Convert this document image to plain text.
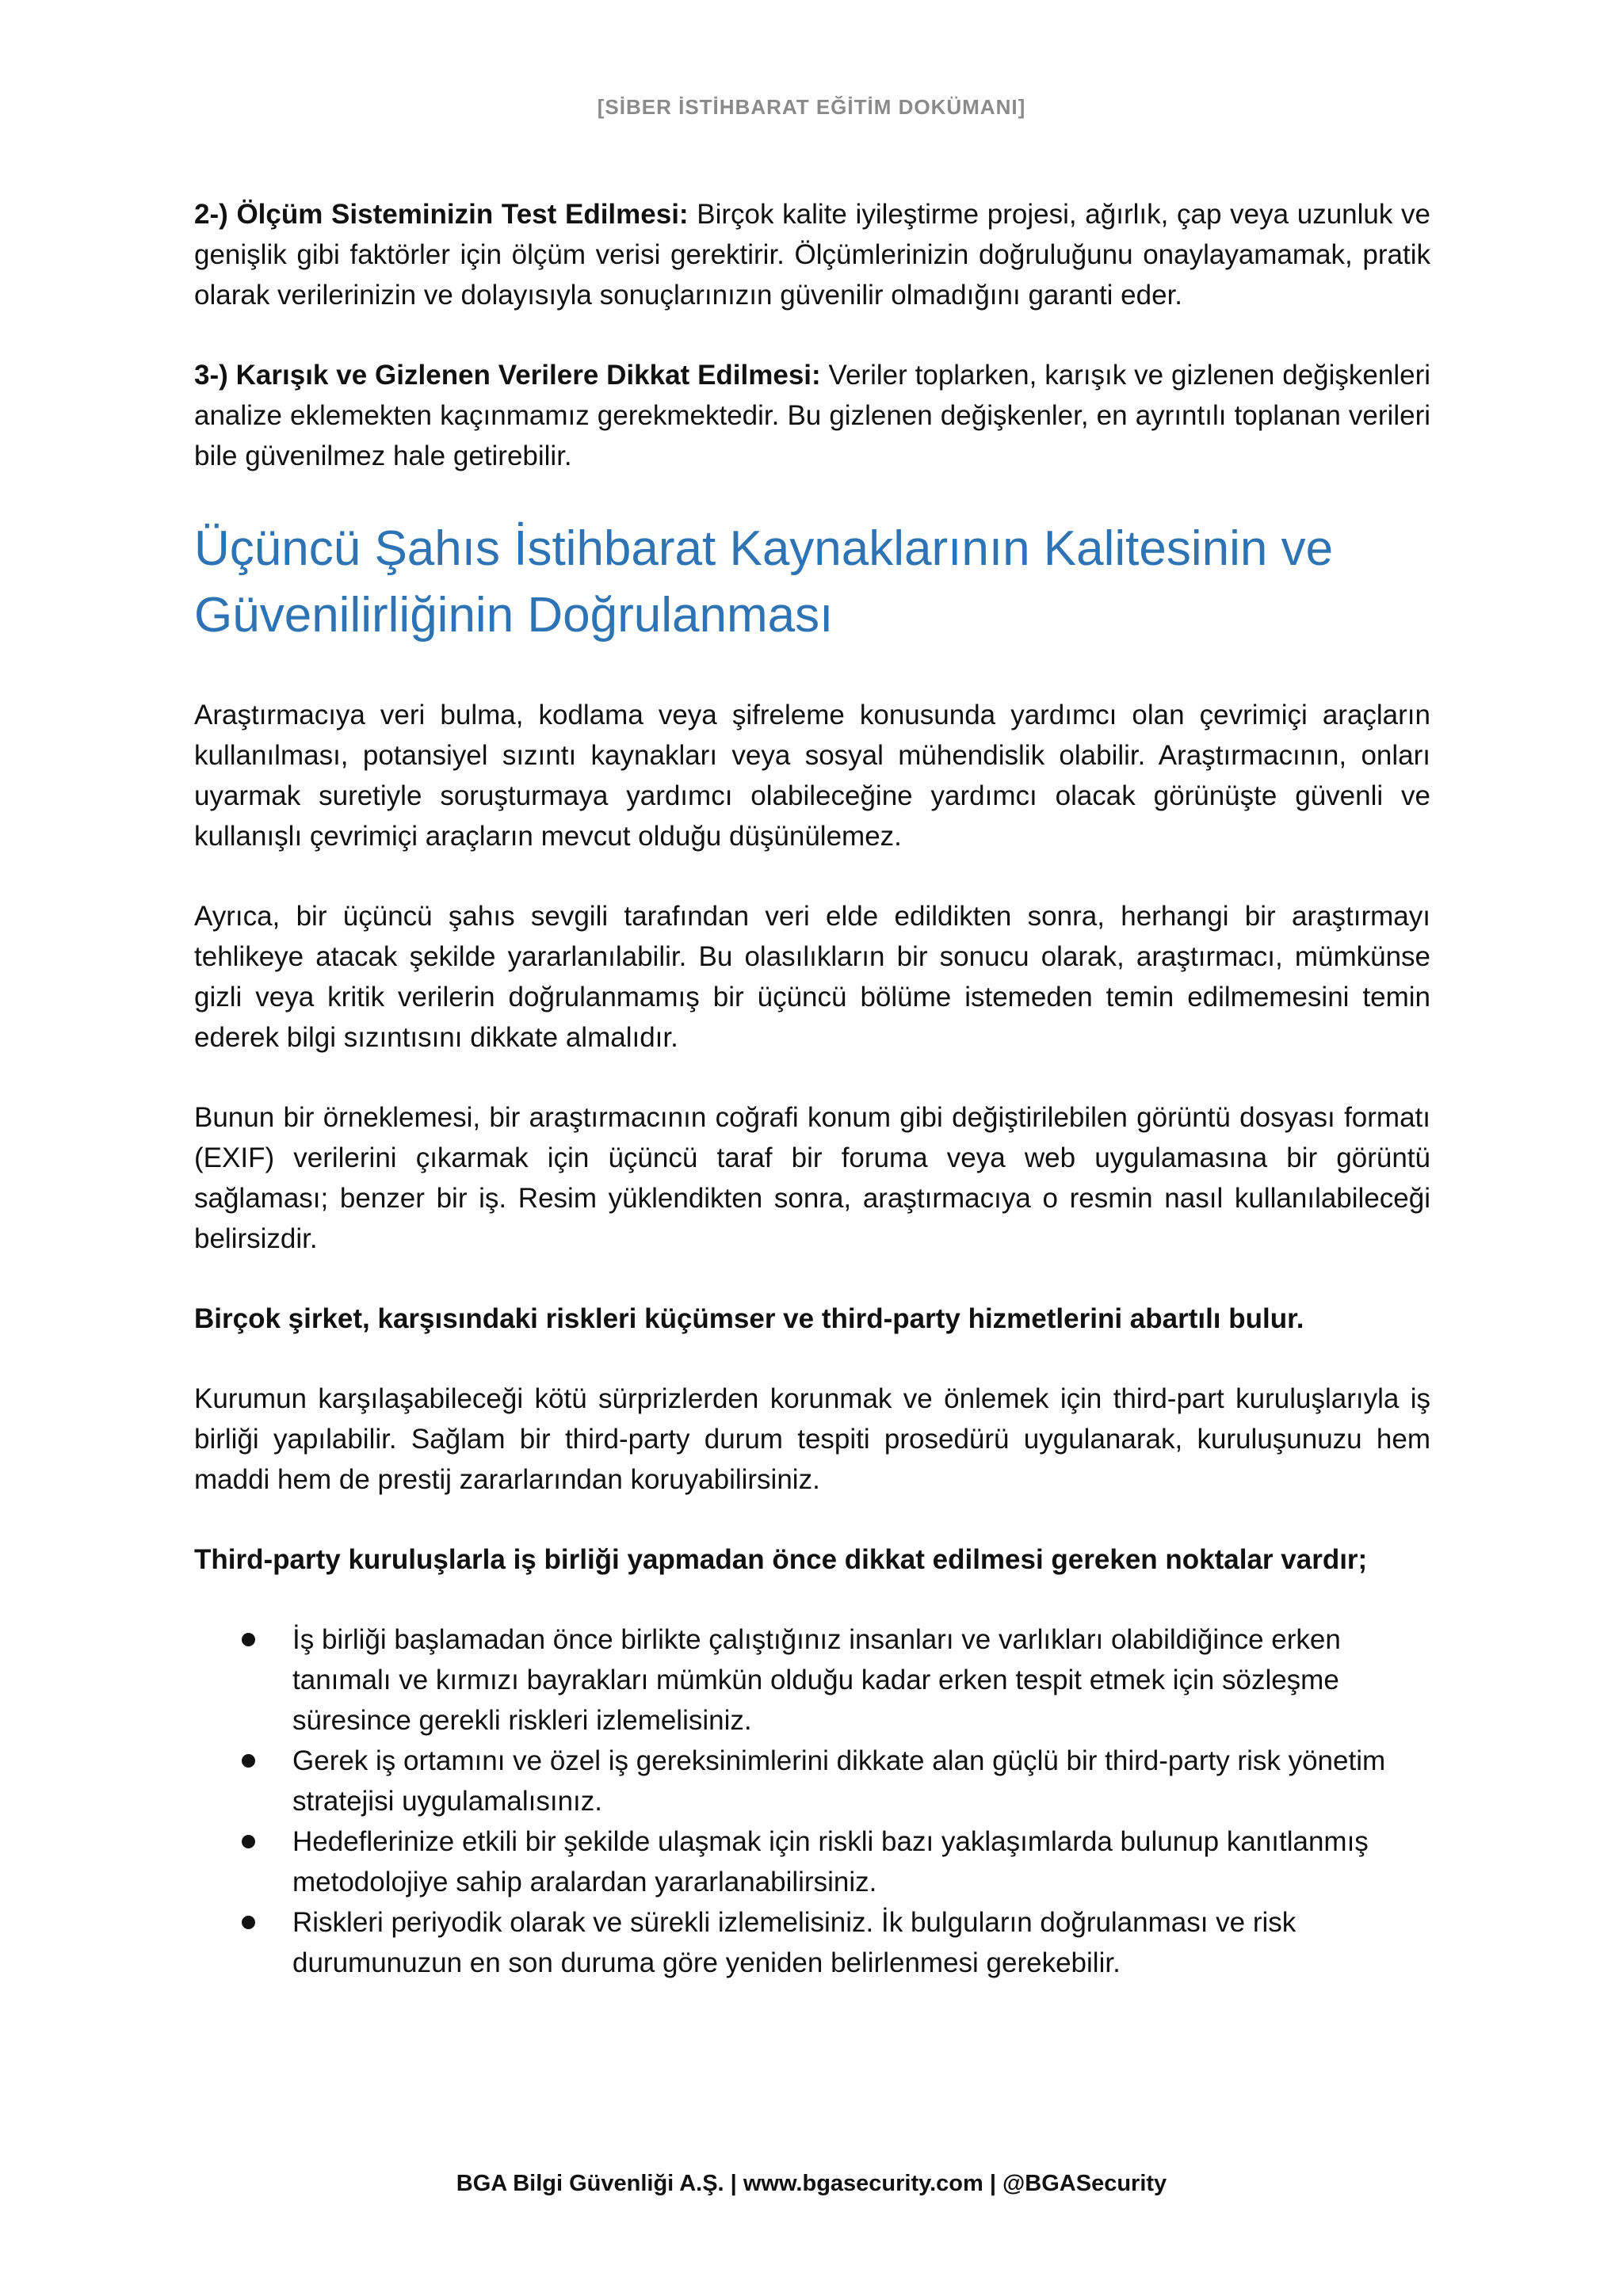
[SİBER İSTİHBARAT EĞİTİM DOKÜMANI]

2-) Ölçüm Sisteminizin Test Edilmesi: Birçok kalite iyileştirme projesi, ağırlık, çap veya uzunluk ve genişlik gibi faktörler için ölçüm verisi gerektirir. Ölçümlerinizin doğruluğunu onaylayamamak, pratik olarak verilerinizin ve dolayısıyla sonuçlarınızın güvenilir olmadığını garanti eder.

3-) Karışık ve Gizlenen Verilere Dikkat Edilmesi: Veriler toplarken, karışık ve gizlenen değişkenleri analize eklemekten kaçınmamız gerekmektedir. Bu gizlenen değişkenler, en ayrıntılı toplanan verileri bile güvenilmez hale getirebilir.

Üçüncü Şahıs İstihbarat Kaynaklarının Kalitesinin ve Güvenilirliğinin Doğrulanması

Araştırmacıya veri bulma, kodlama veya şifreleme konusunda yardımcı olan çevrimiçi araçların kullanılması, potansiyel sızıntı kaynakları veya sosyal mühendislik olabilir. Araştırmacının, onları uyarmak suretiyle soruşturmaya yardımcı olabileceğine yardımcı olacak görünüşte güvenli ve kullanışlı çevrimiçi araçların mevcut olduğu düşünülemez.

Ayrıca, bir üçüncü şahıs sevgili tarafından veri elde edildikten sonra, herhangi bir araştırmayı tehlikeye atacak şekilde yararlanılabilir. Bu olasılıkların bir sonucu olarak, araştırmacı, mümkünse gizli veya kritik verilerin doğrulanmamış bir üçüncü bölüme istemeden temin edilmemesini temin ederek bilgi sızıntısını dikkate almalıdır.

Bunun bir örneklemesi, bir araştırmacının coğrafi konum gibi değiştirilebilen görüntü dosyası formatı (EXIF) verilerini çıkarmak için üçüncü taraf bir foruma veya web uygulamasına bir görüntü sağlaması; benzer bir iş. Resim yüklendikten sonra, araştırmacıya o resmin nasıl kullanılabileceği belirsizdir.

Birçok şirket, karşısındaki riskleri küçümser ve third-party hizmetlerini abartılı bulur.

Kurumun karşılaşabileceği kötü sürprizlerden korunmak ve önlemek için third-part kuruluşlarıyla iş birliği yapılabilir. Sağlam bir third-party durum tespiti prosedürü uygulanarak, kuruluşunuzu hem maddi hem de prestij zararlarından koruyabilirsiniz.

Third-party kuruluşlarla iş birliği yapmadan önce dikkat edilmesi gereken noktalar vardır;

İş birliği başlamadan önce birlikte çalıştığınız insanları ve varlıkları olabildiğince erken tanımalı ve kırmızı bayrakları mümkün olduğu kadar erken tespit etmek için sözleşme süresince gerekli riskleri izlemelisiniz.
Gerek iş ortamını ve özel iş gereksinimlerini dikkate alan güçlü bir third-party risk yönetim stratejisi uygulamalısınız.
Hedeflerinize etkili bir şekilde ulaşmak için riskli bazı yaklaşımlarda bulunup kanıtlanmış metodolojiye sahip aralardan yararlanabilirsiniz.
Riskleri periyodik olarak ve sürekli izlemelisiniz. İk bulguların doğrulanması ve risk durumunuzun en son duruma göre yeniden belirlenmesi gerekebilir.
BGA Bilgi Güvenliği A.Ş. | www.bgasecurity.com | @BGASecurity
